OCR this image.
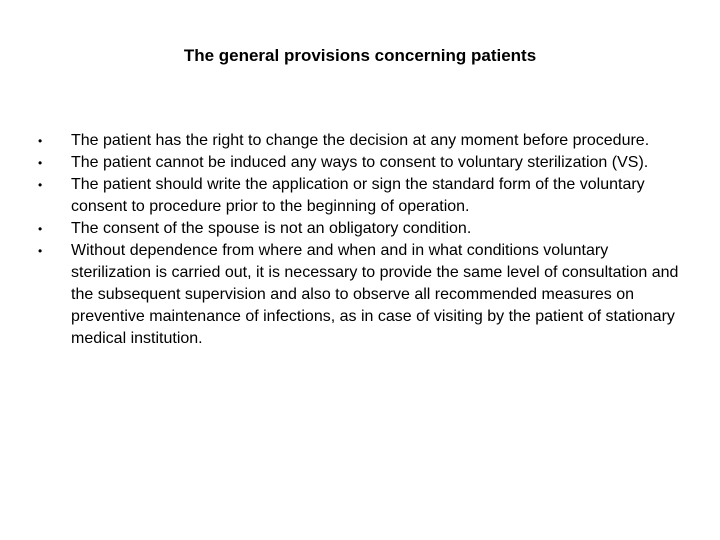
The general provisions concerning patients
•	The patient has the right to change the decision at any moment before procedure.
•	The patient cannot be induced any ways to consent to voluntary sterilization (VS).
•	The patient should write the application or sign the standard form of the voluntary consent to procedure prior to the beginning of operation.
•	The consent of the spouse is not an obligatory condition.
•	Without dependence from where and when and in what conditions voluntary sterilization is carried out, it is necessary to provide the same level of consultation and the subsequent supervision and also to observe all recommended measures on preventive maintenance of infections, as in case of visiting by the patient of stationary medical institution.
